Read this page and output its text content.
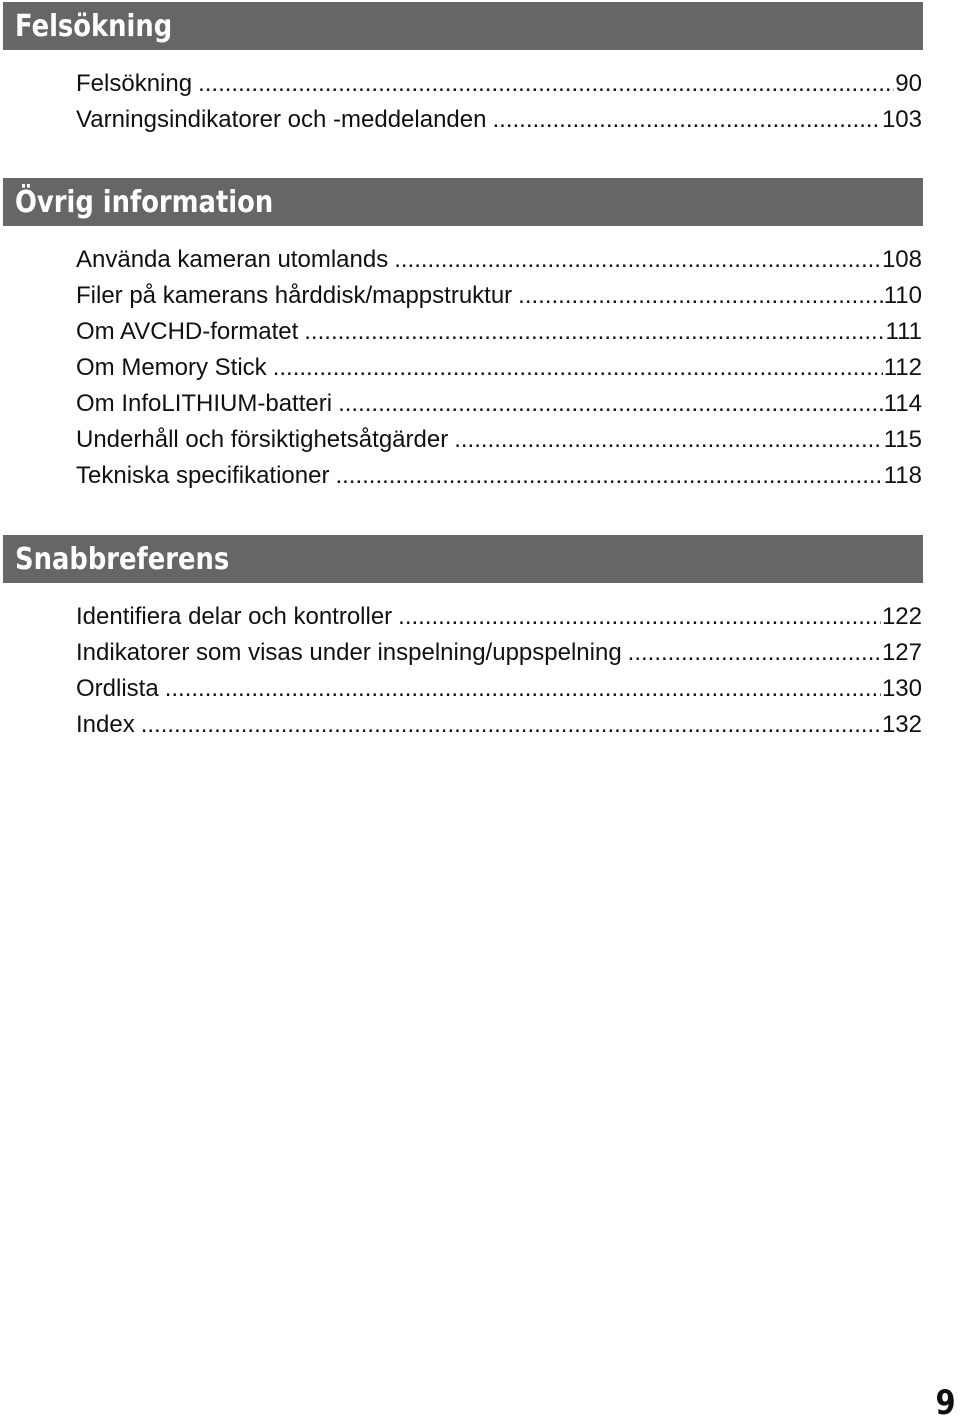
Felsökning
Felsökning .....	90
Varningsindikatorer och -meddelanden .....	103
Övrig information
Använda kameran utomlands .....	108
Filer på kamerans hårddisk/mappstruktur .....	110
Om AVCHD-formatet .....	111
Om Memory Stick .....	112
Om InfoLITHIUM-batteri .....	114
Underhåll och försiktighetsåtgärder .....	115
Tekniska specifikationer .....	118
Snabbreferens
Identifiera delar och kontroller .....	122
Indikatorer som visas under inspelning/uppspelning .....	127
Ordlista .....	130
Index .....	132
9
